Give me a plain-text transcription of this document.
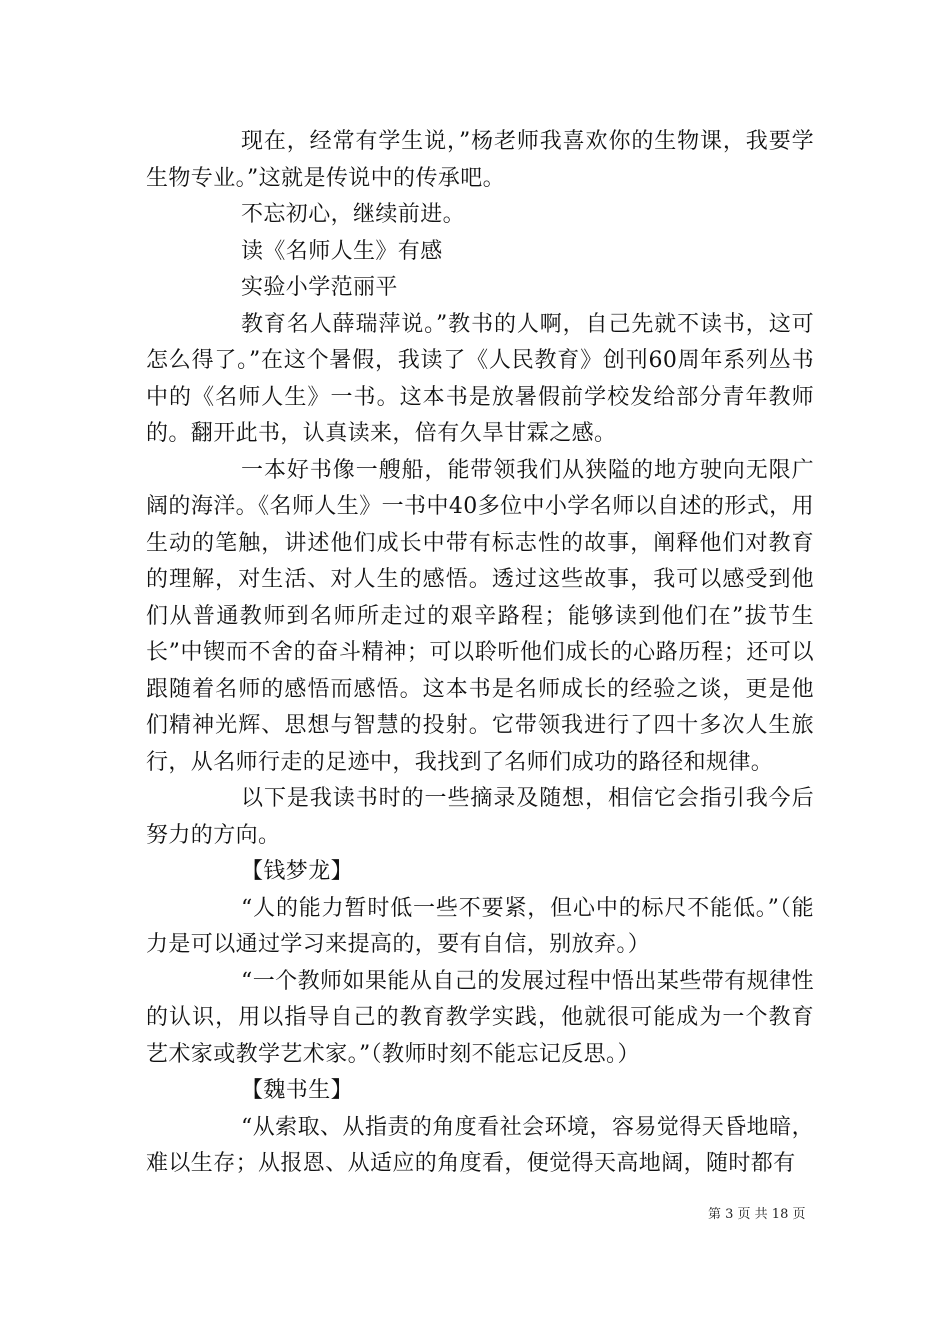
现在，经常有学生说，”杨老师我喜欢你的生物课，我要学生物专业。”这就是传说中的传承吧。

不忘初心，继续前进。

读《名师人生》有感

实验小学范丽平

教育名人薛瑞萍说。”教书的人啊，自己先就不读书，这可怎么得了。”在这个暑假，我读了《人民教育》创刊60周年系列丛书中的《名师人生》一书。这本书是放暑假前学校发给部分青年教师的。翻开此书，认真读来，倍有久旱甘霖之感。

一本好书像一艘船，能带领我们从狭隘的地方驶向无限广阔的海洋。《名师人生》一书中40多位中小学名师以自述的形式，用生动的笔触，讲述他们成长中带有标志性的故事，阐释他们对教育的理解，对生活、对人生的感悟。透过这些故事，我可以感受到他们从普通教师到名师所走过的艰辛路程；能够读到他们在”拔节生长”中锲而不舍的奋斗精神；可以聆听他们成长的心路历程；还可以跟随着名师的感悟而感悟。这本书是名师成长的经验之谈，更是他们精神光辉、思想与智慧的投射。它带领我进行了四十多次人生旅行，从名师行走的足迹中，我找到了名师们成功的路径和规律。

以下是我读书时的一些摘录及随想，相信它会指引我今后努力的方向。

【钱梦龙】

“人的能力暂时低一些不要紧，但心中的标尺不能低。”（能力是可以通过学习来提高的，要有自信，别放弃。）

“一个教师如果能从自己的发展过程中悟出某些带有规律性的认识，用以指导自己的教育教学实践，他就很可能成为一个教育艺术家或教学艺术家。”（教师时刻不能忘记反思。）

【魏书生】

“从索取、从指责的角度看社会环境，容易觉得天昏地暗，难以生存；从报恩、从适应的角度看，便觉得天高地阔，随时都有

第 3 页 共 18 页
